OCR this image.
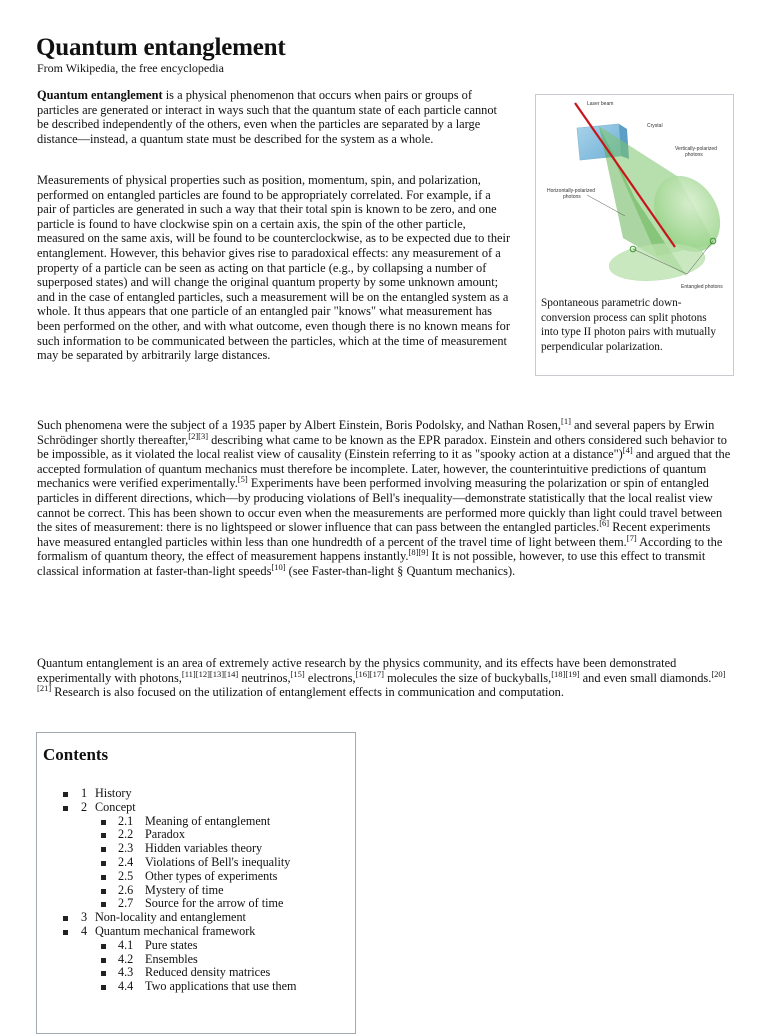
Quantum entanglement
From Wikipedia, the free encyclopedia

Quantum entanglement is a physical phenomenon that occurs when pairs or groups of particles are generated or interact in ways such that the quantum state of each particle cannot be described independently of the others, even when the particles are separated by a large distance—instead, a quantum state must be described for the system as a whole.

Measurements of physical properties such as position, momentum, spin, and polarization, performed on entangled particles are found to be appropriately correlated. For example, if a pair of particles are generated in such a way that their total spin is known to be zero, and one particle is found to have clockwise spin on a certain axis, the spin of the other particle, measured on the same axis, will be found to be counterclockwise, as to be expected due to their entanglement. However, this behavior gives rise to paradoxical effects: any measurement of a property of a particle can be seen as acting on that particle (e.g., by collapsing a number of superposed states) and will change the original quantum property by some unknown amount; and in the case of entangled particles, such a measurement will be on the entangled system as a whole. It thus appears that one particle of an entangled pair "knows" what measurement has been performed on the other, and with what outcome, even though there is no known means for such information to be communicated between the particles, which at the time of measurement may be separated by arbitrarily large distances.

Such phenomena were the subject of a 1935 paper by Albert Einstein, Boris Podolsky, and Nathan Rosen,[1] and several papers by Erwin Schrödinger shortly thereafter,[2][3] describing what came to be known as the EPR paradox. Einstein and others considered such behavior to be impossible, as it violated the local realist view of causality (Einstein referring to it as "spooky action at a distance")[4] and argued that the accepted formulation of quantum mechanics must therefore be incomplete. Later, however, the counterintuitive predictions of quantum mechanics were verified experimentally.[5] Experiments have been performed involving measuring the polarization or spin of entangled particles in different directions, which—by producing violations of Bell's inequality—demonstrate statistically that the local realist view cannot be correct. This has been shown to occur even when the measurements are performed more quickly than light could travel between the sites of measurement: there is no lightspeed or slower influence that can pass between the entangled particles.[6] Recent experiments have measured entangled particles within less than one hundredth of a percent of the travel time of light between them.[7] According to the formalism of quantum theory, the effect of measurement happens instantly.[8][9] It is not possible, however, to use this effect to transmit classical information at faster-than-light speeds[10] (see Faster-than-light § Quantum mechanics).

Quantum entanglement is an area of extremely active research by the physics community, and its effects have been demonstrated experimentally with photons,[11][12][13][14] neutrinos,[15] electrons,[16][17] molecules the size of buckyballs,[18][19] and even small diamonds.[20][21] Research is also focused on the utilization of entanglement effects in communication and computation.

Laser beam
Crystal
Vertically-polarized
photons
Horizontally-polarized
photons
Entangled photons
Spontaneous parametric down-conversion process can split photons into type II photon pairs with mutually perpendicular polarization.
Contents
1 History
2 Concept
2.1 Meaning of entanglement
2.2 Paradox
2.3 Hidden variables theory
2.4 Violations of Bell's inequality
2.5 Other types of experiments
2.6 Mystery of time
2.7 Source for the arrow of time
3 Non-locality and entanglement
4 Quantum mechanical framework
4.1 Pure states
4.2 Ensembles
4.3 Reduced density matrices
4.4 Two applications that use them
